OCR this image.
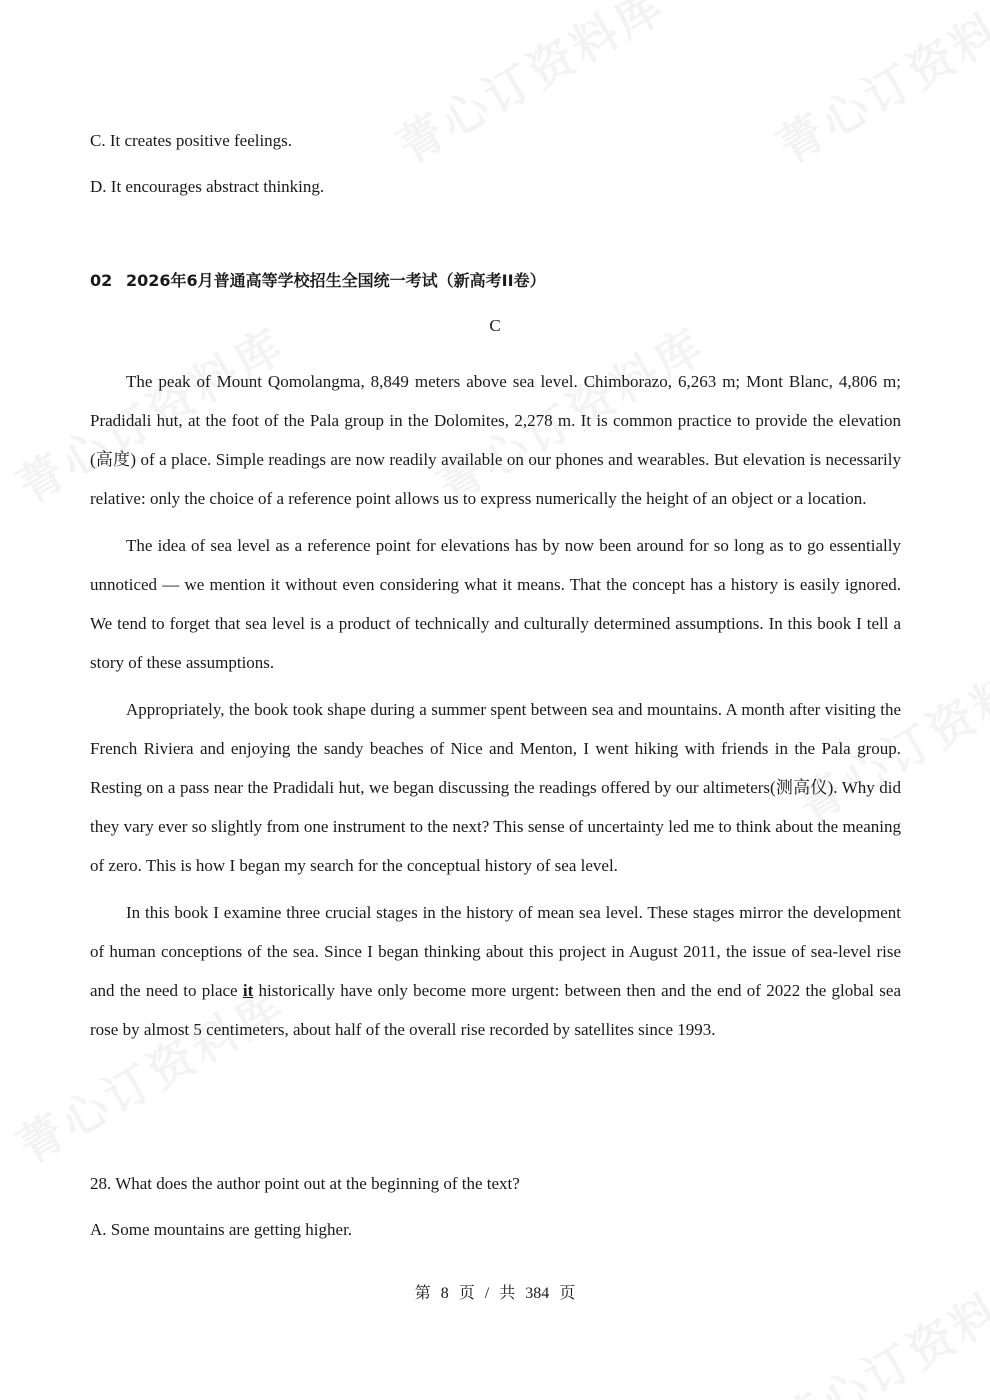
C. It creates positive feelings.
D. It encourages abstract thinking.
02 2026年6月普通高等学校招生全国统一考试（新高考II卷）
C

The peak of Mount Qomolangma, 8,849 meters above sea level. Chimborazo, 6,263 m; Mont Blanc, 4,806 m; Pradidali hut, at the foot of the Pala group in the Dolomites, 2,278 m. It is common practice to provide the elevation (高度) of a place. Simple readings are now readily available on our phones and wearables. But elevation is necessarily relative: only the choice of a reference point allows us to express numerically the height of an object or a location.

The idea of sea level as a reference point for elevations has by now been around for so long as to go essentially unnoticed — we mention it without even considering what it means. That the concept has a history is easily ignored. We tend to forget that sea level is a product of technically and culturally determined assumptions. In this book I tell a story of these assumptions.

Appropriately, the book took shape during a summer spent between sea and mountains. A month after visiting the French Riviera and enjoying the sandy beaches of Nice and Menton, I went hiking with friends in the Pala group. Resting on a pass near the Pradidali hut, we began discussing the readings offered by our altimeters(测高仪). Why did they vary ever so slightly from one instrument to the next? This sense of uncertainty led me to think about the meaning of zero. This is how I began my search for the conceptual history of sea level.

In this book I examine three crucial stages in the history of mean sea level. These stages mirror the development of human conceptions of the sea. Since I began thinking about this project in August 2011, the issue of sea-level rise and the need to place it historically have only become more urgent: between then and the end of 2022 the global sea rose by almost 5 centimeters, about half of the overall rise recorded by satellites since 1993.

28. What does the author point out at the beginning of the text?
A. Some mountains are getting higher.
第 8 页 / 共 384 页
